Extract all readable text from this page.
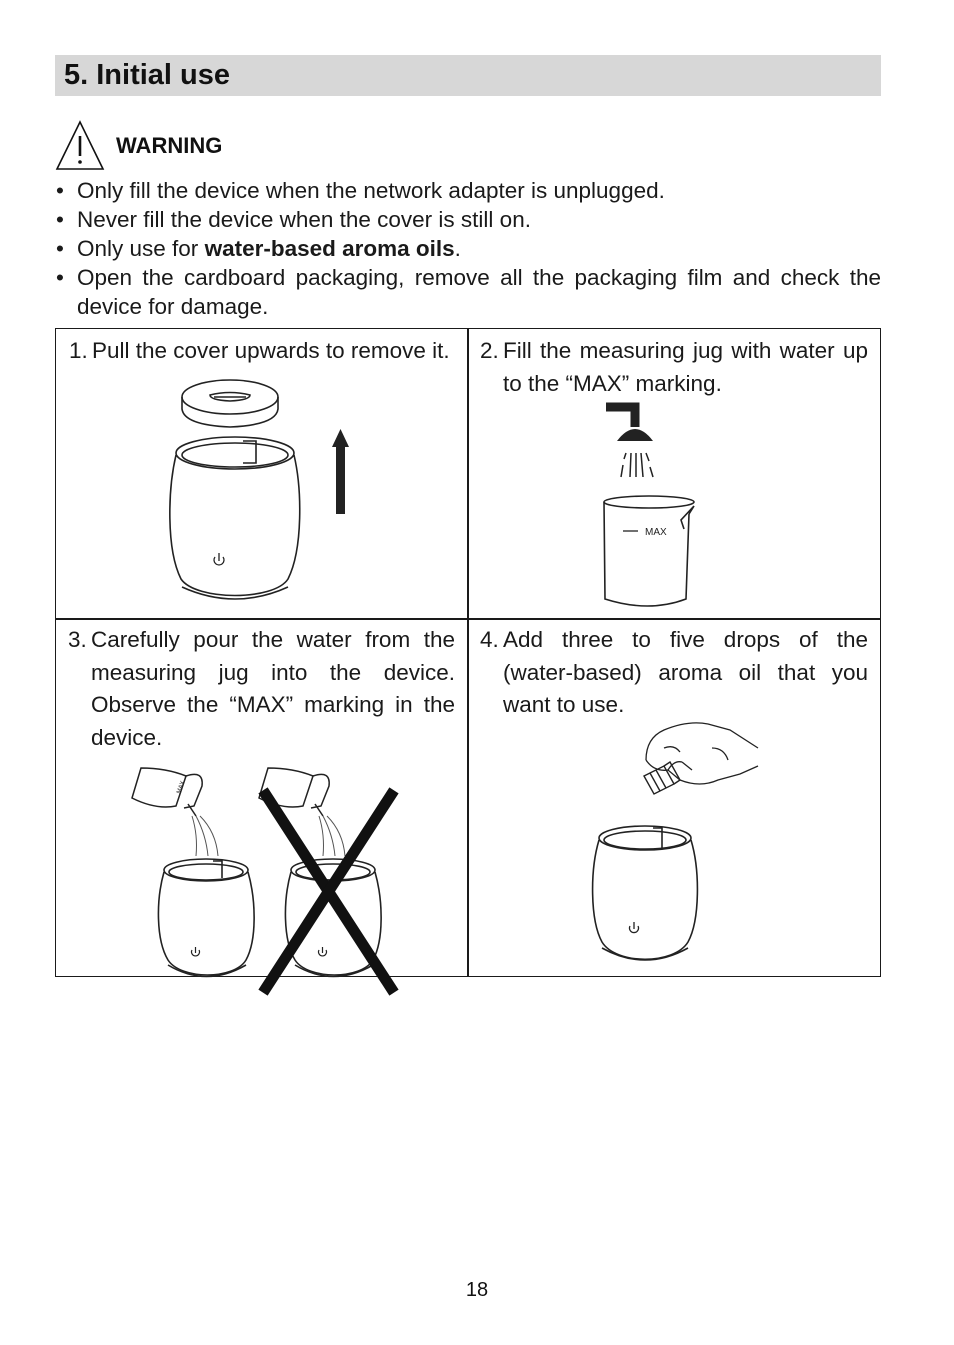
5. Initial use
WARNING
• Only fill the device when the network adapter is unplugged.
• Never fill the device when the cover is still on.
• Only use for water-based aroma oils.
• Open the cardboard packaging, remove all the packaging film and check the device for damage.
1. Pull the cover upwards to remove it. 2. Fill the measuring jug with water up to the “MAX” marking.
MAX
3. Carefully pour the water from the measuring jug into the device. Observe the “MAX” marking in the device.
MAX
4. Add three to five drops of the (water-based) aroma oil that you want to use.
18
